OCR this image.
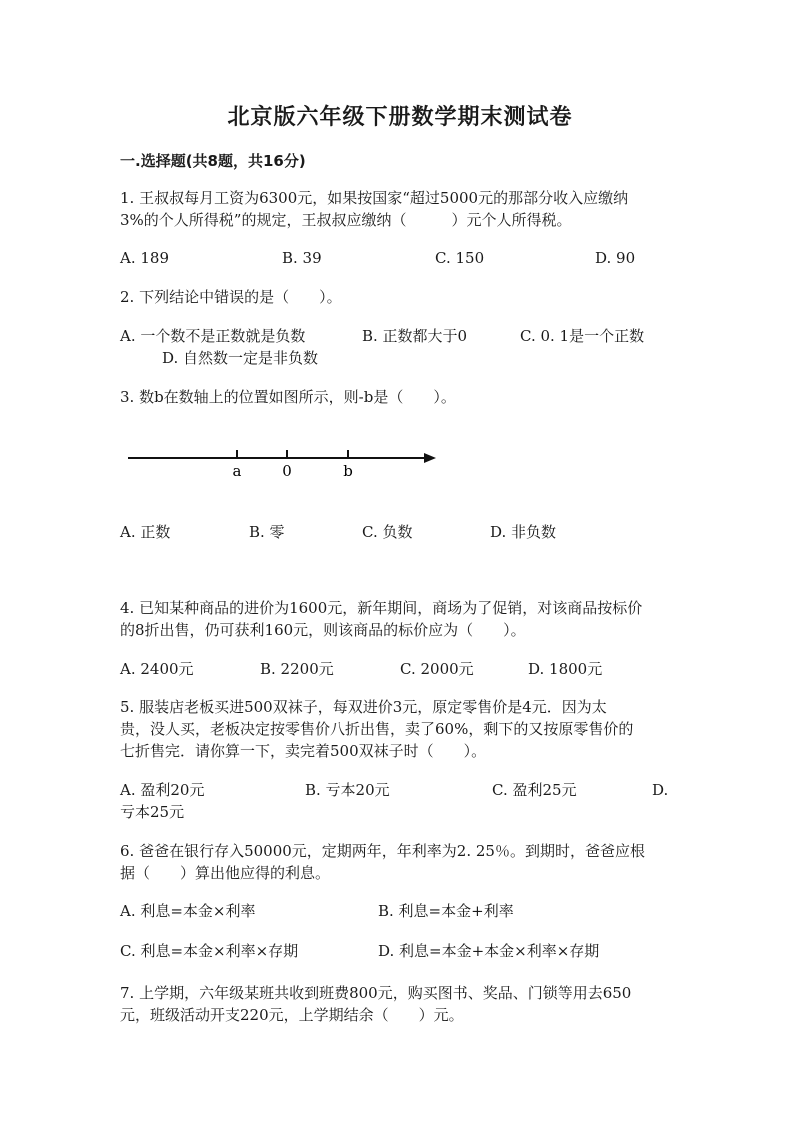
北京版六年级下册数学期末测试卷
一.选择题(共8题，共16分)
1. 王叔叔每月工资为6300元，如果按国家“超过5000元的那部分收入应缴纳
3%的个人所得税”的规定，王叔叔应缴纳（　　　）元个人所得税。
A. 189	B. 39	C. 150	D. 90
2. 下列结论中错误的是（　　）。
A. 一个数不是正数就是负数	B. 正数都大于0	C. 0. 1是一个正数
D. 自然数一定是非负数
3. 数b在数轴上的位置如图所示，则-b是（　　）。
a	0	b
A. 正数	B. 零	C. 负数	D. 非负数
4. 已知某种商品的进价为1600元，新年期间，商场为了促销，对该商品按标价
的8折出售，仍可获利160元，则该商品的标价应为（　　）。
A. 2400元	B. 2200元	C. 2000元	D. 1800元
5. 服装店老板买进500双袜子，每双进价3元，原定零售价是4元．因为太
贵，没人买，老板决定按零售价八折出售，卖了60%，剩下的又按原零售价的
七折售完．请你算一下，卖完着500双袜子时（　　）。
A. 盈利20元	B. 亏本20元	C. 盈利25元	D.
亏本25元
6. 爸爸在银行存入50000元，定期两年，年利率为2. 25％。到期时，爸爸应根
据（　　）算出他应得的利息。
A. 利息=本金×利率	B. 利息=本金+利率
C. 利息=本金×利率×存期	D. 利息=本金+本金×利率×存期
7. 上学期，六年级某班共收到班费800元，购买图书、奖品、门锁等用去650
元，班级活动开支220元，上学期结余（　　）元。
